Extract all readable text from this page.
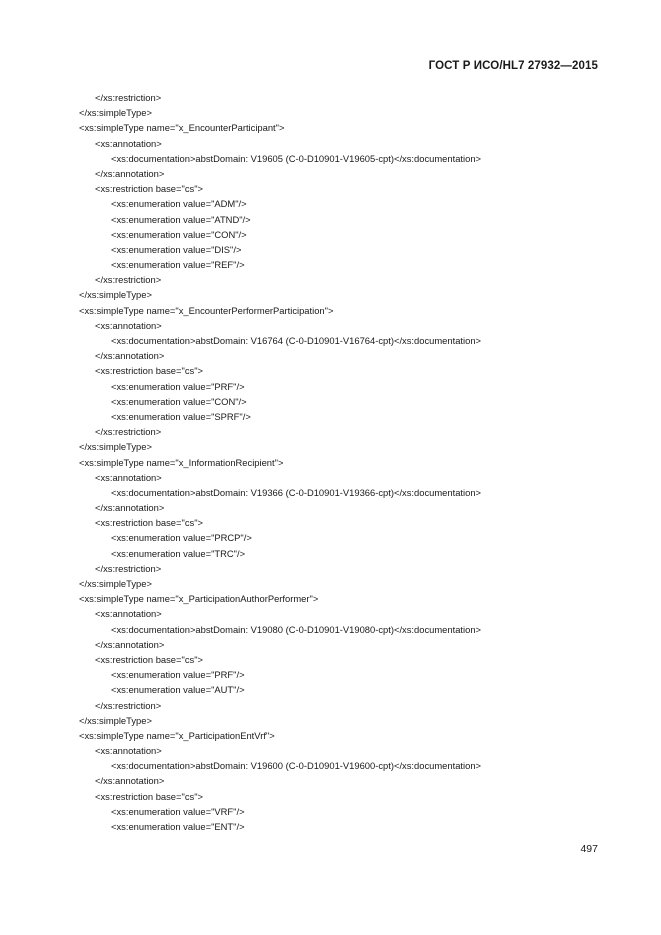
ГОСТ Р ИСО/HL7 27932—2015
</xs:restriction>
</xs:simpleType>
<xs:simpleType name="x_EncounterParticipant">
<xs:annotation>
<xs:documentation>abstDomain: V19605 (C-0-D10901-V19605-cpt)</xs:documentation>
</xs:annotation>
<xs:restriction base="cs">
<xs:enumeration value="ADM"/>
<xs:enumeration value="ATND"/>
<xs:enumeration value="CON"/>
<xs:enumeration value="DIS"/>
<xs:enumeration value="REF"/>
</xs:restriction>
</xs:simpleType>
<xs:simpleType name="x_EncounterPerformerParticipation">
<xs:annotation>
<xs:documentation>abstDomain: V16764 (C-0-D10901-V16764-cpt)</xs:documentation>
</xs:annotation>
<xs:restriction base="cs">
<xs:enumeration value="PRF"/>
<xs:enumeration value="CON"/>
<xs:enumeration value="SPRF"/>
</xs:restriction>
</xs:simpleType>
<xs:simpleType name="x_InformationRecipient">
<xs:annotation>
<xs:documentation>abstDomain: V19366 (C-0-D10901-V19366-cpt)</xs:documentation>
</xs:annotation>
<xs:restriction base="cs">
<xs:enumeration value="PRCP"/>
<xs:enumeration value="TRC"/>
</xs:restriction>
</xs:simpleType>
<xs:simpleType name="x_ParticipationAuthorPerformer">
<xs:annotation>
<xs:documentation>abstDomain: V19080 (C-0-D10901-V19080-cpt)</xs:documentation>
</xs:annotation>
<xs:restriction base="cs">
<xs:enumeration value="PRF"/>
<xs:enumeration value="AUT"/>
</xs:restriction>
</xs:simpleType>
<xs:simpleType name="x_ParticipationEntVrf">
<xs:annotation>
<xs:documentation>abstDomain: V19600 (C-0-D10901-V19600-cpt)</xs:documentation>
</xs:annotation>
<xs:restriction base="cs">
<xs:enumeration value="VRF"/>
<xs:enumeration value="ENT"/>
497
